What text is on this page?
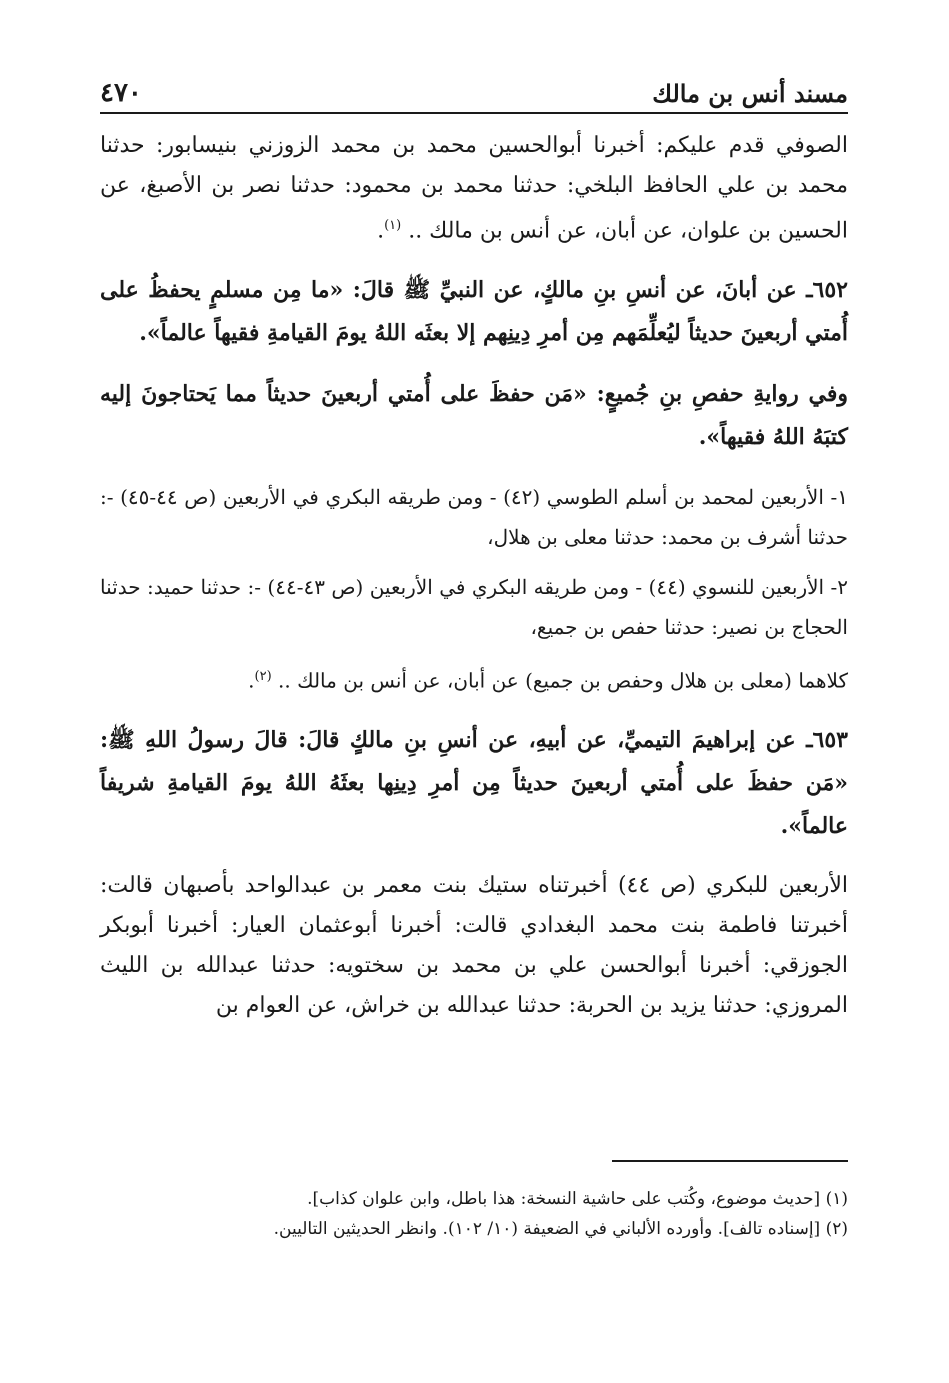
مسند أنس بن مالك
٤٧٠

الصوفي قدم عليكم: أخبرنا أبوالحسين محمد بن محمد الزوزني بنيسابور: حدثنا محمد بن علي الحافظ البلخي: حدثنا محمد بن محمود: حدثنا نصر بن الأصبغ، عن الحسين بن علوان، عن أبان، عن أنس بن مالك .. $^{(١)}$.

٦٥٢ـ عن أبانَ، عن أنسِ بنِ مالكٍ، عن النبيِّ ﷺ قالَ: «ما مِن مسلمٍ يحفظُ على أُمتي أربعينَ حديثاً ليُعلِّمَهم مِن أمرِ دِينِهم إلا بعثَه اللهُ يومَ القيامةِ فقيهاً عالماً».

وفي روايةِ حفصِ بنِ جُميعٍ: «مَن حفظَ على أُمتي أربعينَ حديثاً مما يَحتاجونَ إليه كتبَهُ اللهُ فقيهاً».

١- الأربعين لمحمد بن أسلم الطوسي (٤٢) - ومن طريقه البكري في الأربعين (ص ٤٤-٤٥) -: حدثنا أشرف بن محمد: حدثنا معلى بن هلال،

٢- الأربعين للنسوي (٤٤) - ومن طريقه البكري في الأربعين (ص ٤٣-٤٤) -: حدثنا حميد: حدثنا الحجاج بن نصير: حدثنا حفص بن جميع،

كلاهما (معلى بن هلال وحفص بن جميع) عن أبان، عن أنس بن مالك .. $^{(٢)}$.

٦٥٣ـ عن إبراهيمَ التيميِّ، عن أبيهِ، عن أنسِ بنِ مالكٍ قالَ: قالَ رسولُ اللهِ ﷺ: «مَن حفظَ على أُمتي أربعينَ حديثاً مِن أمرِ دِينِها بعثَهُ اللهُ يومَ القيامةِ شريفاً عالماً».

الأربعين للبكري (ص ٤٤) أخبرتناه ستيك بنت معمر بن عبدالواحد بأصبهان قالت: أخبرتنا فاطمة بنت محمد البغدادي قالت: أخبرنا أبوعثمان العيار: أخبرنا أبوبكر الجوزقي: أخبرنا أبوالحسن علي بن محمد بن سختويه: حدثنا عبدالله بن الليث المروزي: حدثنا يزيد بن الحربة: حدثنا عبدالله بن خراش، عن العوام بن

(١) [حديث موضوع، وكُتب على حاشية النسخة: هذا باطل، وابن علوان كذاب].

(٢) [إسناده تالف]. وأورده الألباني في الضعيفة (١٠/ ١٠٢). وانظر الحديثين التاليين.
